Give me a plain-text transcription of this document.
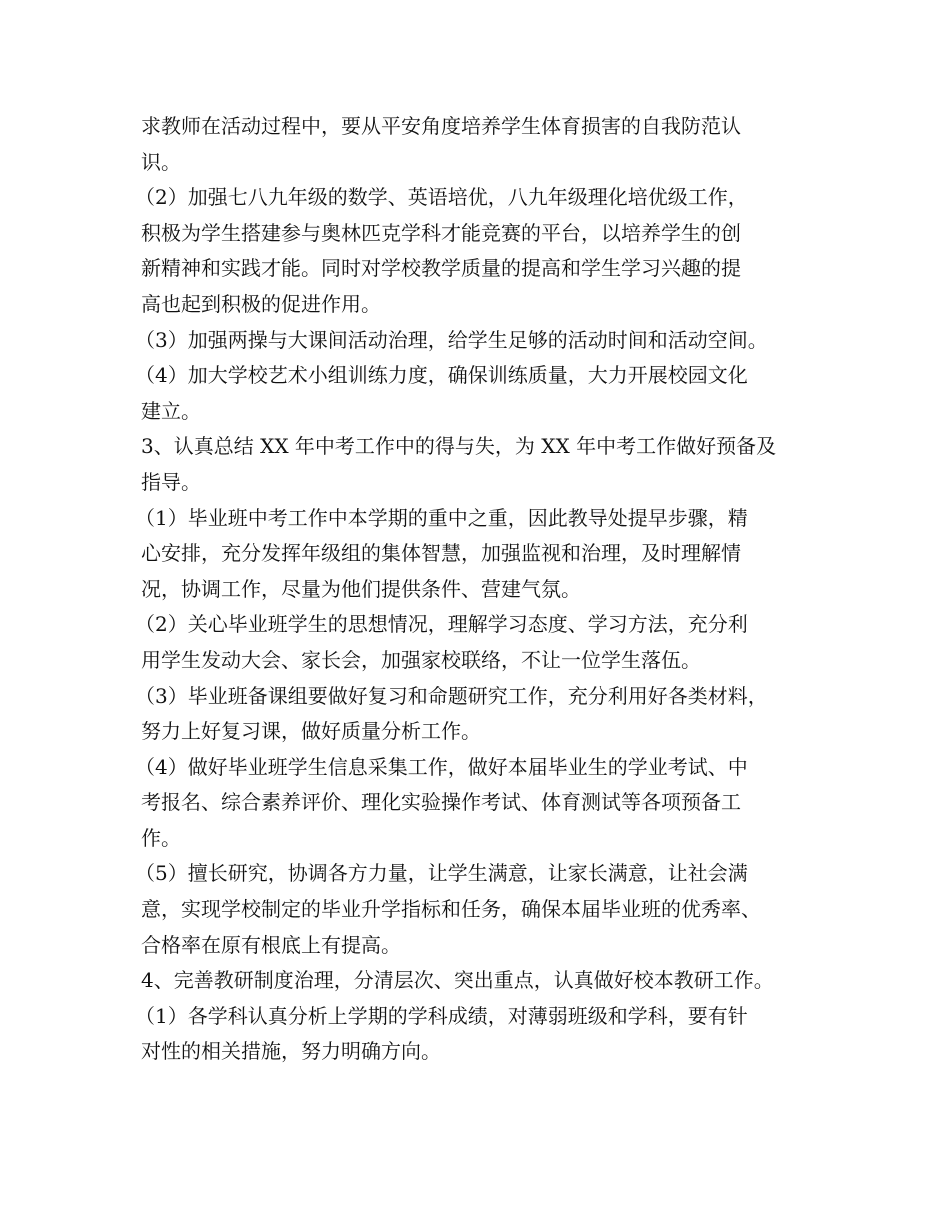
求教师在活动过程中，要从平安角度培养学生体育损害的自我防范认
识。
（2）加强七八九年级的数学、英语培优，八九年级理化培优级工作，
积极为学生搭建参与奥林匹克学科才能竞赛的平台，以培养学生的创
新精神和实践才能。同时对学校教学质量的提高和学生学习兴趣的提
高也起到积极的促进作用。
（3）加强两操与大课间活动治理，给学生足够的活动时间和活动空间。
（4）加大学校艺术小组训练力度，确保训练质量，大力开展校园文化
建立。
3、认真总结 XX 年中考工作中的得与失，为 XX 年中考工作做好预备及
指导。
（1）毕业班中考工作中本学期的重中之重，因此教导处提早步骤，精
心安排，充分发挥年级组的集体智慧，加强监视和治理，及时理解情
况，协调工作，尽量为他们提供条件、营建气氛。
（2）关心毕业班学生的思想情况，理解学习态度、学习方法，充分利
用学生发动大会、家长会，加强家校联络，不让一位学生落伍。
（3）毕业班备课组要做好复习和命题研究工作，充分利用好各类材料，
努力上好复习课，做好质量分析工作。
（4）做好毕业班学生信息采集工作，做好本届毕业生的学业考试、中
考报名、综合素养评价、理化实验操作考试、体育测试等各项预备工
作。
（5）擅长研究，协调各方力量，让学生满意，让家长满意，让社会满
意，实现学校制定的毕业升学指标和任务，确保本届毕业班的优秀率、
合格率在原有根底上有提高。
4、完善教研制度治理，分清层次、突出重点，认真做好校本教研工作。
（1）各学科认真分析上学期的学科成绩，对薄弱班级和学科，要有针
对性的相关措施，努力明确方向。
